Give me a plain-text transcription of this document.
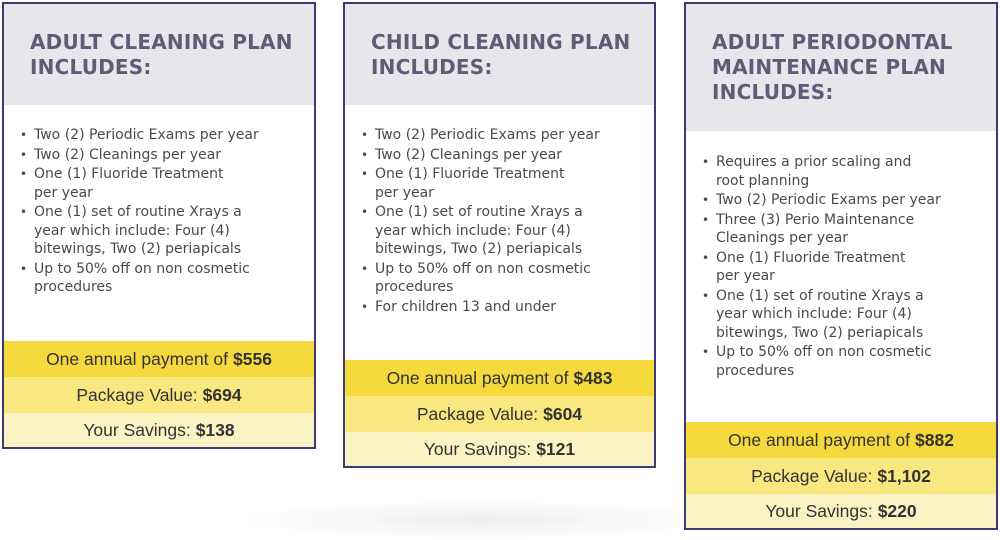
ADULT CLEANING PLAN INCLUDES:
• Two (2) Periodic Exams per year
• Two (2) Cleanings per year
• One (1) Fluoride Treatment per year
• One (1) set of routine Xrays a year which include: Four (4) bitewings, Two (2) periapicals
• Up to 50% off on non cosmetic procedures
One annual payment of $556
Package Value: $694
Your Savings: $138
CHILD CLEANING PLAN INCLUDES:
• Two (2) Periodic Exams per year
• Two (2) Cleanings per year
• One (1) Fluoride Treatment per year
• One (1) set of routine Xrays a year which include: Four (4) bitewings, Two (2) periapicals
• Up to 50% off on non cosmetic procedures
• For children 13 and under
One annual payment of $483
Package Value: $604
Your Savings: $121
ADULT PERIODONTAL MAINTENANCE PLAN INCLUDES:
• Requires a prior scaling and root planning
• Two (2) Periodic Exams per year
• Three (3) Perio Maintenance Cleanings per year
• One (1) Fluoride Treatment per year
• One (1) set of routine Xrays a year which include: Four (4) bitewings, Two (2) periapicals
• Up to 50% off on non cosmetic procedures
One annual payment of $882
Package Value: $1,102
Your Savings: $220
